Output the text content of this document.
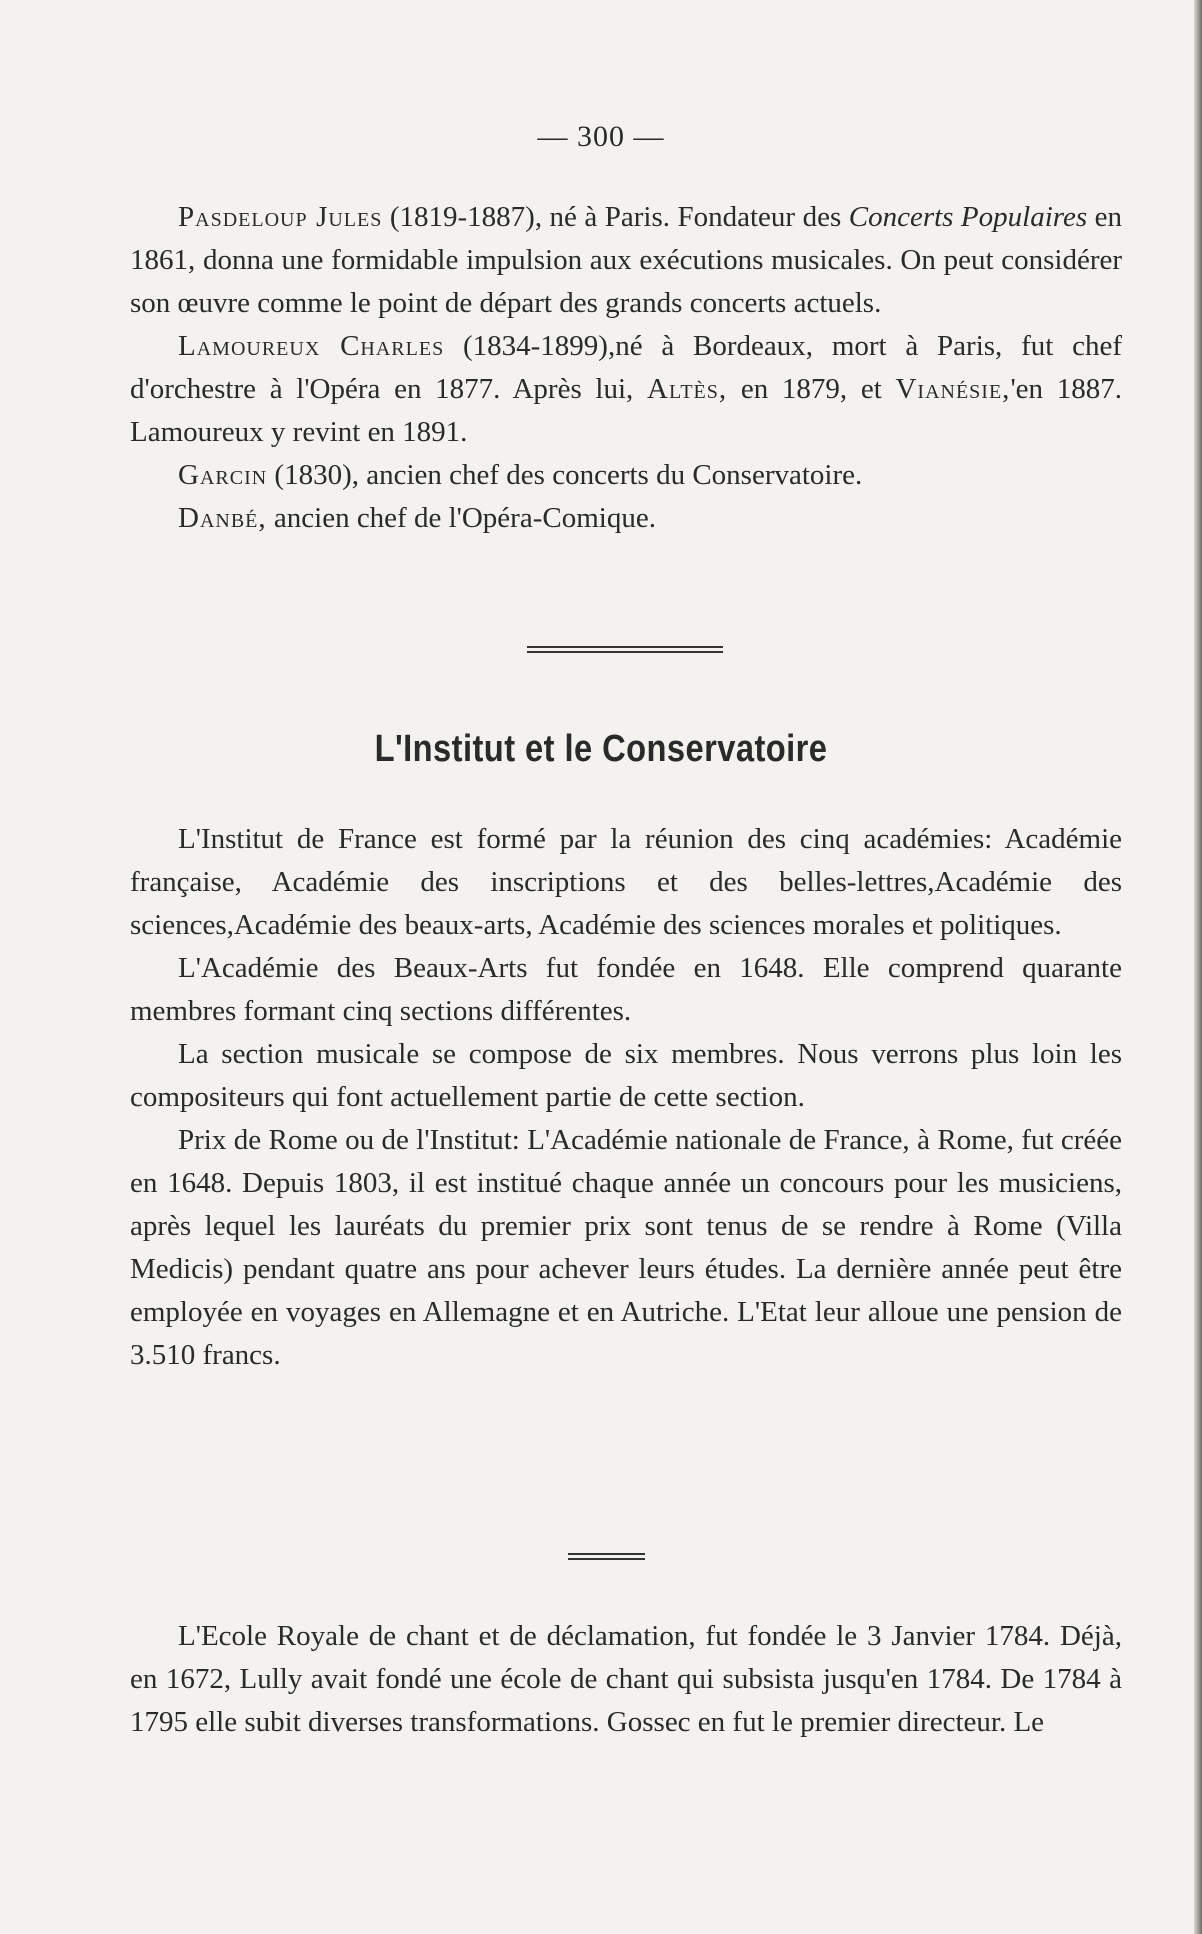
— 300 —

Pasdeloup Jules (1819-1887), né à Paris. Fondateur des Concerts Populaires en 1861, donna une formidable impulsion aux exécutions musicales. On peut considérer son œuvre comme le point de départ des grands concerts actuels.

Lamoureux Charles (1834-1899),né à Bordeaux, mort à Paris, fut chef d'orchestre à l'Opéra en 1877. Après lui, Altès, en 1879, et Vianésie,'en 1887. Lamoureux y revint en 1891.

Garcin (1830), ancien chef des concerts du Conservatoire.

Danbé, ancien chef de l'Opéra-Comique.

L'Institut et le Conservatoire

L'Institut de France est formé par la réunion des cinq académies: Académie française, Académie des inscriptions et des belles-lettres,Académie des sciences,Académie des beaux-arts, Académie des sciences morales et politiques.

L'Académie des Beaux-Arts fut fondée en 1648. Elle comprend quarante membres formant cinq sections différentes.

La section musicale se compose de six membres. Nous verrons plus loin les compositeurs qui font actuellement partie de cette section.

Prix de Rome ou de l'Institut: L'Académie nationale de France, à Rome, fut créée en 1648. Depuis 1803, il est institué chaque année un concours pour les musiciens, après lequel les lauréats du premier prix sont tenus de se rendre à Rome (Villa Medicis) pendant quatre ans pour achever leurs études. La dernière année peut être employée en voyages en Allemagne et en Autriche. L'Etat leur alloue une pension de 3.510 francs.

L'Ecole Royale de chant et de déclamation, fut fondée le 3 Janvier 1784. Déjà, en 1672, Lully avait fondé une école de chant qui subsista jusqu'en 1784. De 1784 à 1795 elle subit diverses transformations. Gossec en fut le premier directeur. Le
